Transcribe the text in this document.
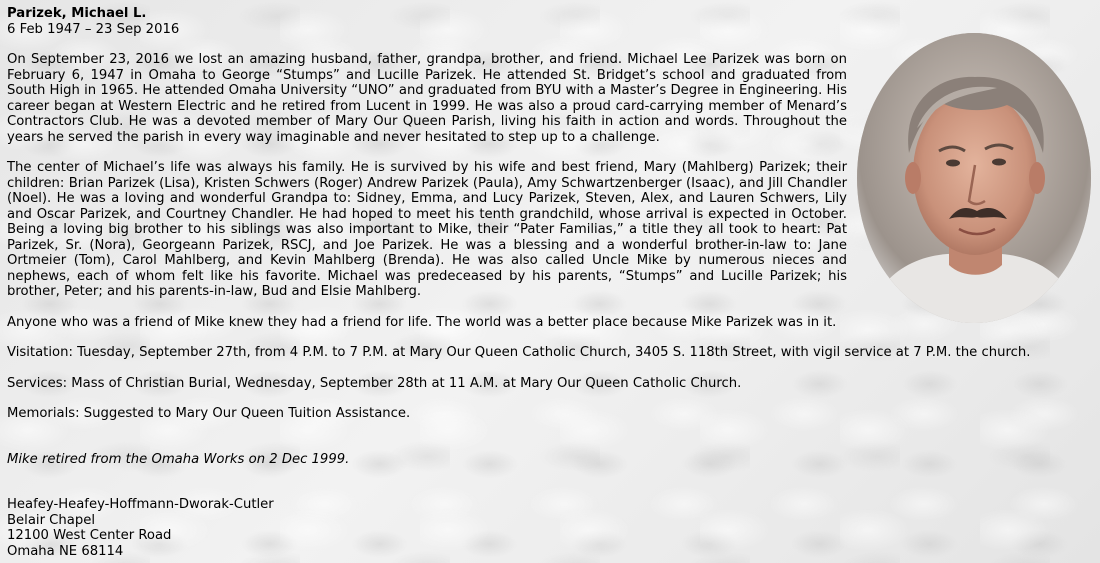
Parizek, Michael L.
6 Feb 1947 – 23 Sep 2016

On September 23, 2016 we lost an amazing husband, father, grandpa, brother, and friend. Michael Lee Parizek was born on February 6, 1947 in Omaha to George “Stumps” and Lucille Parizek. He attended St. Bridget’s school and graduated from South High in 1965. He attended Omaha University “UNO” and graduated from BYU with a Master’s Degree in Engineering. His career began at Western Electric and he retired from Lucent in 1999. He was also a proud card-carrying member of Menard’s Contractors Club. He was a devoted member of Mary Our Queen Parish, living his faith in action and words. Throughout the years he served the parish in every way imaginable and never hesitated to step up to a challenge.

The center of Michael’s life was always his family. He is survived by his wife and best friend, Mary (Mahlberg) Parizek; their children: Brian Parizek (Lisa), Kristen Schwers (Roger) Andrew Parizek (Paula), Amy Schwartzenberger (Isaac), and Jill Chandler (Noel). He was a loving and wonderful Grandpa to: Sidney, Emma, and Lucy Parizek, Steven, Alex, and Lauren Schwers, Lily and Oscar Parizek, and Courtney Chandler. He had hoped to meet his tenth grandchild, whose arrival is expected in October. Being a loving big brother to his siblings was also important to Mike, their “Pater Familias,” a title they all took to heart: Pat Parizek, Sr. (Nora), Georgeann Parizek, RSCJ, and Joe Parizek. He was a blessing and a wonderful brother-in-law to: Jane Ortmeier (Tom), Carol Mahlberg, and Kevin Mahlberg (Brenda). He was also called Uncle Mike by numerous nieces and nephews, each of whom felt like his favorite. Michael was predeceased by his parents, “Stumps” and Lucille Parizek; his brother, Peter; and his parents-in-law, Bud and Elsie Mahlberg.

Anyone who was a friend of Mike knew they had a friend for life. The world was a better place because Mike Parizek was in it.

Visitation: Tuesday, September 27th, from 4 P.M. to 7 P.M. at Mary Our Queen Catholic Church, 3405 S. 118th Street, with vigil service at 7 P.M. the church.

Services: Mass of Christian Burial, Wednesday, September 28th at 11 A.M. at Mary Our Queen Catholic Church.

Memorials: Suggested to Mary Our Queen Tuition Assistance.

Mike retired from the Omaha Works on 2 Dec 1999.
Heafey-Heafey-Hoffmann-Dworak-Cutler
Belair Chapel
12100 West Center Road
Omaha NE 68114
